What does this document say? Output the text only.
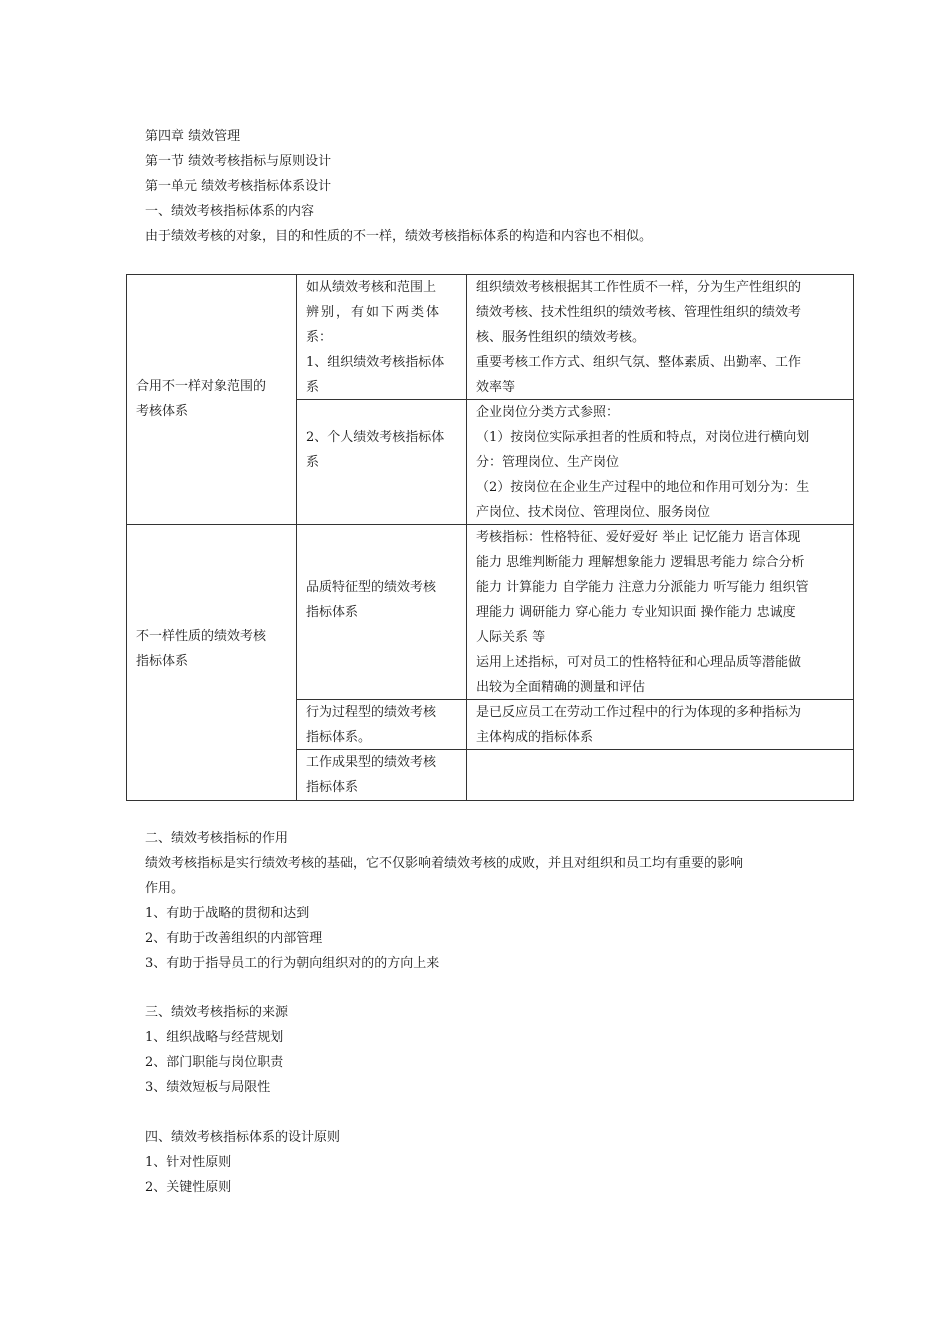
第四章 绩效管理
第一节 绩效考核指标与原则设计
第一单元 绩效考核指标体系设计
一、绩效考核指标体系的内容
由于绩效考核的对象，目的和性质的不一样，绩效考核指标体系的构造和内容也不相似。

合用不一样对象范围的

考核体系

如从绩效考核和范围上

辨别，有如下两类体

系：

1、组织绩效考核指标体

系

组织绩效考核根据其工作性质不一样，分为生产性组织的

绩效考核、技术性组织的绩效考核、管理性组织的绩效考

核、服务性组织的绩效考核。

重要考核工作方式、组织气氛、整体素质、出勤率、工作

效率等

2、个人绩效考核指标体

系

企业岗位分类方式参照：

（1）按岗位实际承担者的性质和特点，对岗位进行横向划

分：管理岗位、生产岗位

（2）按岗位在企业生产过程中的地位和作用可划分为：生

产岗位、技术岗位、管理岗位、服务岗位

不一样性质的绩效考核

指标体系

品质特征型的绩效考核

指标体系

考核指标：性格特征、爱好爱好 举止 记忆能力 语言体现

能力 思维判断能力 理解想象能力 逻辑思考能力 综合分析

能力 计算能力 自学能力 注意力分派能力 听写能力 组织管

理能力 调研能力 穿心能力 专业知识面 操作能力 忠诚度

人际关系 等

运用上述指标，可对员工的性格特征和心理品质等潜能做

出较为全面精确的测量和评估

行为过程型的绩效考核

指标体系。

是已反应员工在劳动工作过程中的行为体现的多种指标为

主体构成的指标体系

工作成果型的绩效考核

指标体系

二、绩效考核指标的作用
绩效考核指标是实行绩效考核的基础，它不仅影响着绩效考核的成败，并且对组织和员工均有重要的影响
作用。
1、有助于战略的贯彻和达到
2、有助于改善组织的内部管理
3、有助于指导员工的行为朝向组织对的的方向上来
三、绩效考核指标的来源
1、组织战略与经营规划
2、部门职能与岗位职责
3、绩效短板与局限性
四、绩效考核指标体系的设计原则
1、针对性原则
2、关键性原则
